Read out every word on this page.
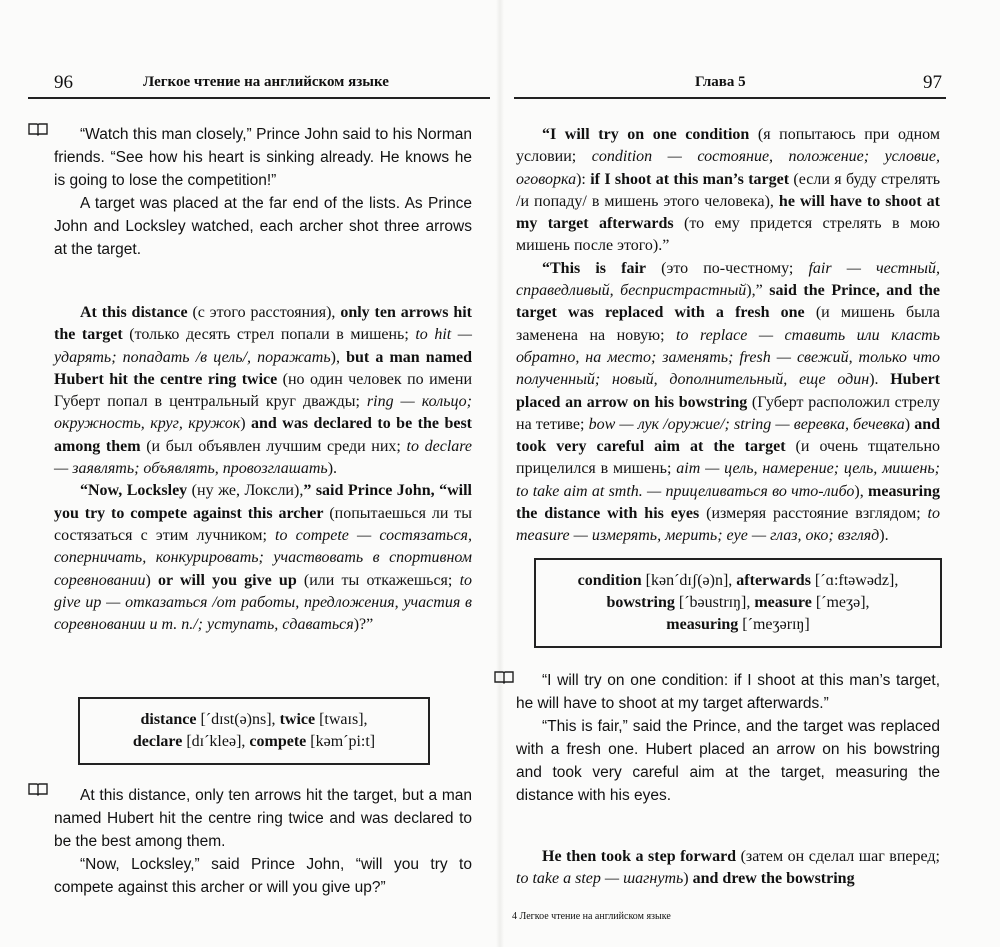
96	Легкое чтение на английском языке

“Watch this man closely,” Prince John said to his Norman friends. “See how his heart is sinking already. He knows he is going to lose the competition!”

A target was placed at the far end of the lists. As Prince John and Locksley watched, each archer shot three arrows at the target.

At this distance (с этого расстояния), only ten arrows hit the target (только десять стрел попали в мишень; to hit — ударять; попадать /в цель/, поражать), but a man named Hubert hit the centre ring twice (но один человек по имени Губерт попал в центральный круг дважды; ring — кольцо; окружность, круг, кружок) and was declared to be the best among them (и был объявлен лучшим среди них; to declare — заявлять; объявлять, провозглашать).

“Now, Locksley (ну же, Локсли),” said Prince John, “will you try to compete against this archer (попытаешься ли ты состязаться с этим лучником; to compete — состязаться, соперничать, конкурировать; участвовать в спортивном соревновании) or will you give up (или ты откажешься; to give up — отказаться /от работы, предложения, участия в соревновании и т. п./; уступать, сдаваться)?”

distance [´dɪst(ə)ns], twice [twaɪs],
declare [dɪ´kleə], compete [kəm´pi:t]

At this distance, only ten arrows hit the target, but a man named Hubert hit the centre ring twice and was declared to be the best among them.

“Now, Locksley,” said Prince John, “will you try to compete against this archer or will you give up?”

Глава 5	97

“I will try on one condition (я попытаюсь при одном условии; condition — состояние, положение; условие, оговорка): if I shoot at this man’s target (если я буду стрелять /и попаду/ в мишень этого человека), he will have to shoot at my target afterwards (то ему придется стрелять в мою мишень после этого).”

“This is fair (это по-честному; fair — честный, справедливый, беспристрастный),” said the Prince, and the target was replaced with a fresh one (и мишень была заменена на новую; to replace — ставить или класть обратно, на место; заменять; fresh — свежий, только что полученный; новый, дополнительный, еще один). Hubert placed an arrow on his bowstring (Губерт расположил стрелу на тетиве; bow — лук /оружие/; string — веревка, бечевка) and took very careful aim at the target (и очень тщательно прицелился в мишень; aim — цель, намерение; цель, мишень; to take aim at smth. — прицеливаться во что-либо), measuring the distance with his eyes (измеряя расстояние взглядом; to measure — измерять, мерить; eye — глаз, око; взгляд).

condition [kən´dɪʃ(ə)n], afterwards [´ɑ:ftəwədz],
bowstring [´bəustrɪŋ], measure [´meʒə],
measuring [´meʒərɪŋ]

“I will try on one condition: if I shoot at this man’s target, he will have to shoot at my target afterwards.”

“This is fair,” said the Prince, and the target was replaced with a fresh one. Hubert placed an arrow on his bowstring and took very careful aim at the target, measuring the distance with his eyes.

He then took a step forward (затем он сделал шаг вперед; to take a step — шагнуть) and drew the bowstring

4 Легкое чтение на английском языке
